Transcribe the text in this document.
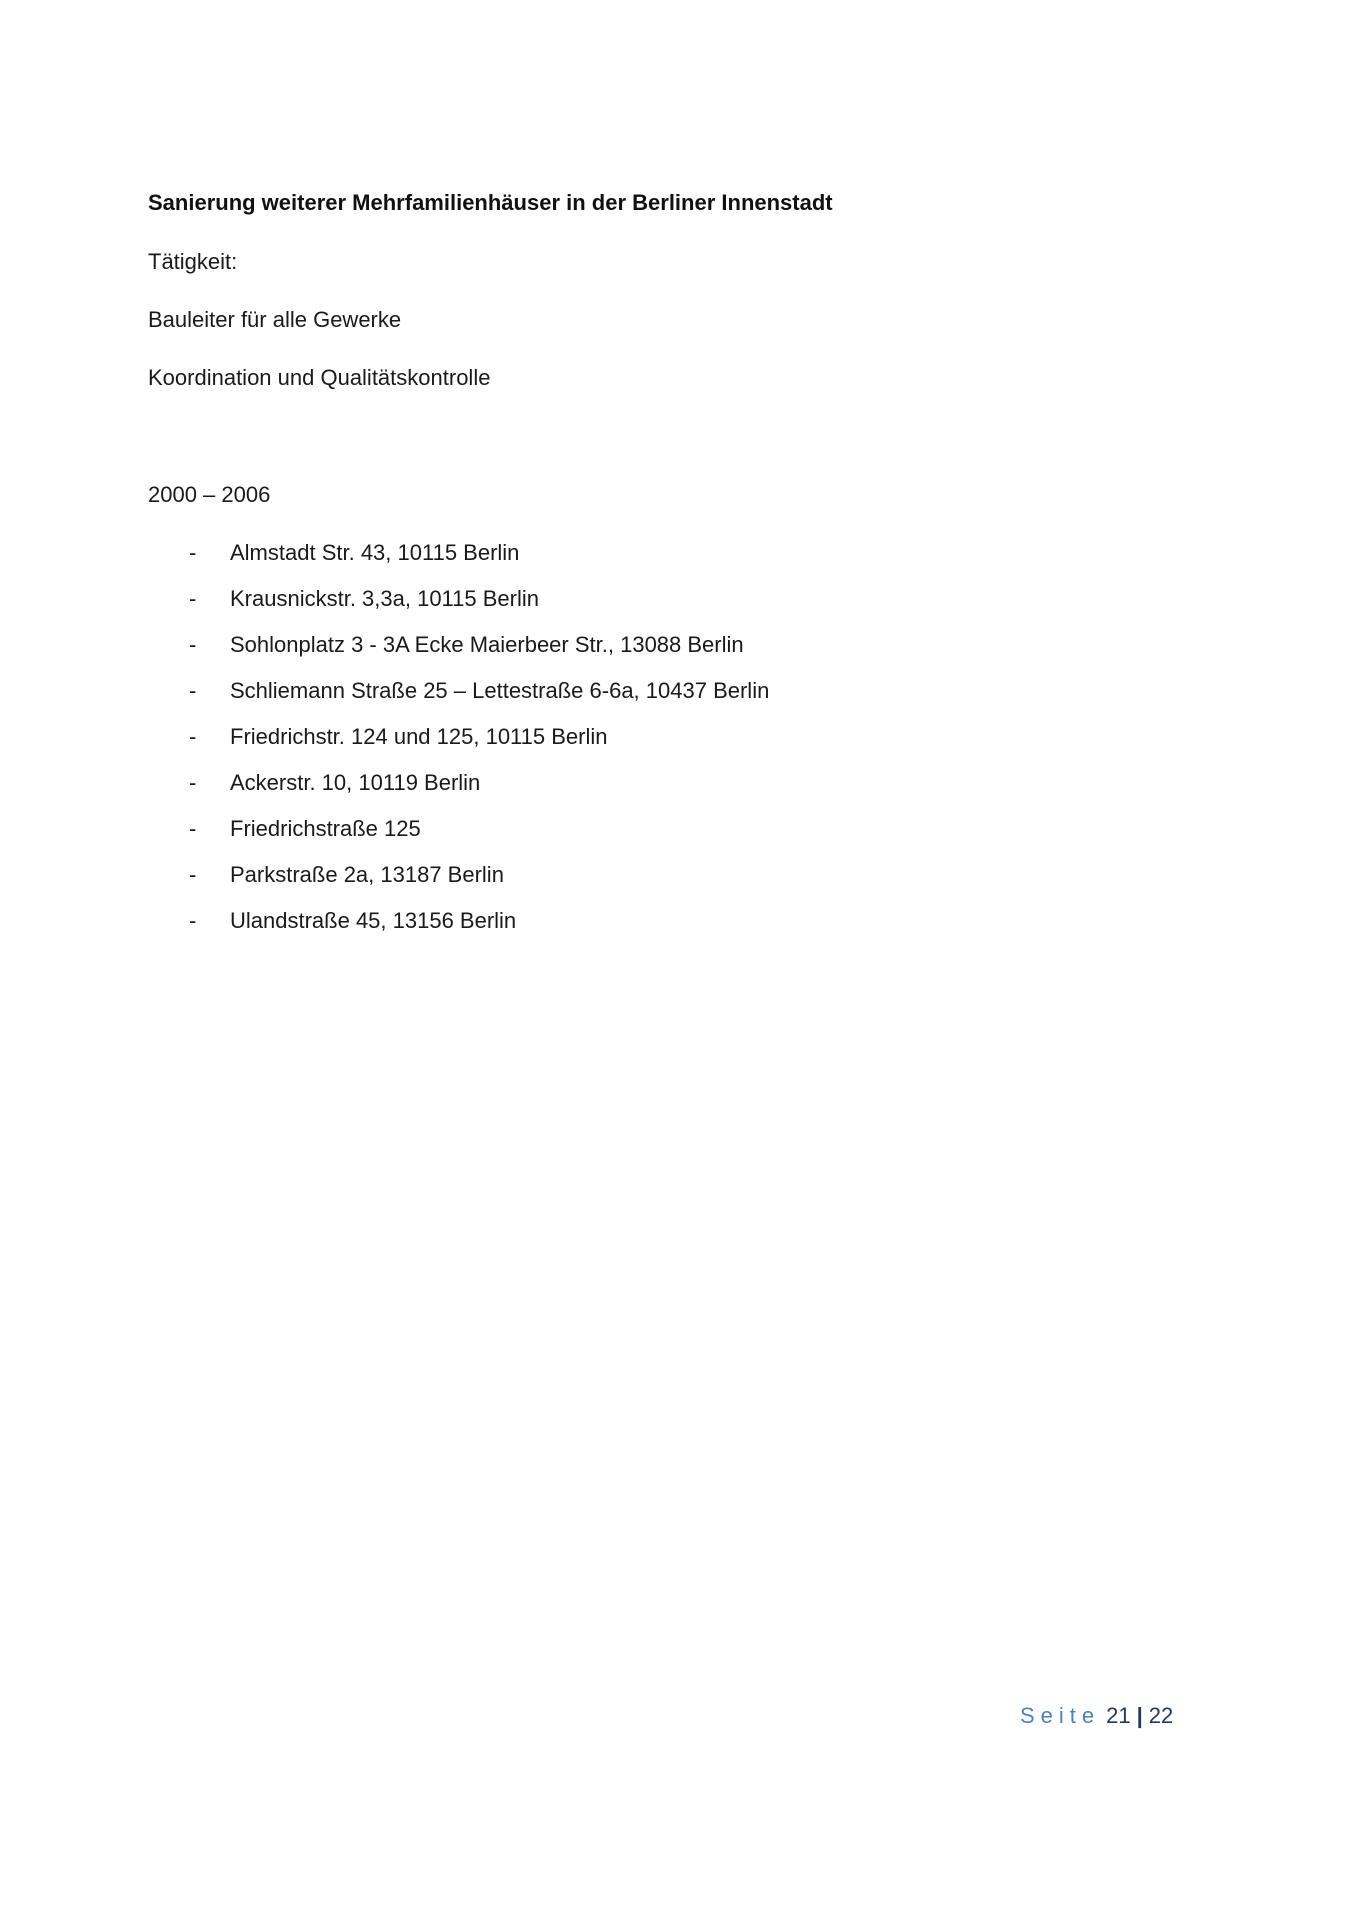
Sanierung weiterer Mehrfamilienhäuser in der Berliner Innenstadt
Tätigkeit:
Bauleiter für alle Gewerke
Koordination und Qualitätskontrolle
2000 – 2006
- Almstadt Str. 43, 10115 Berlin
- Krausnickstr. 3,3a, 10115 Berlin
- Sohlonplatz 3 - 3A Ecke Maierbeer Str., 13088 Berlin
- Schliemann Straße 25 – Lettestraße 6-6a, 10437 Berlin
- Friedrichstr. 124 und 125, 10115 Berlin
- Ackerstr. 10, 10119 Berlin
- Friedrichstraße 125
- Parkstraße 2a, 13187 Berlin
- Ulandstraße 45, 13156 Berlin
Seite 21 | 22
